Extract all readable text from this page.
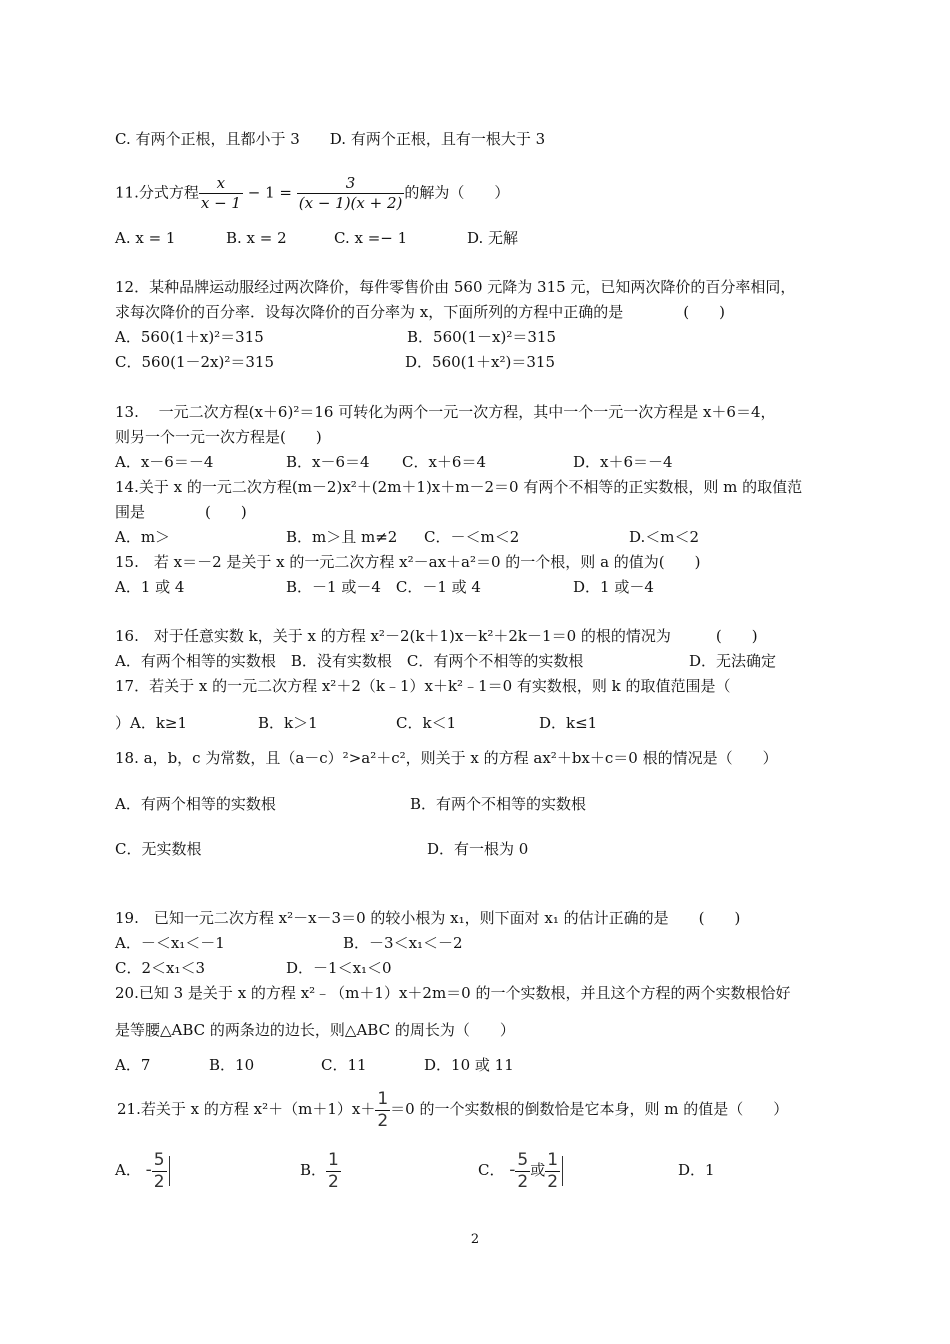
C. 有两个正根，且都小于 3　　D. 有两个正根，且有一根大于 3
11.分式方程 $\frac{x}{x - 1} - 1 = \frac{3}{(x - 1)(x + 2)}$ 的解为（　　）
A. x = 1	B. x = 2	C. x =− 1	D. 无解
12．某种品牌运动服经过两次降价，每件零售价由 560 元降为 315 元，已知两次降价的百分率相同，
求每次降价的百分率．设每次降价的百分率为 x，下面所列的方程中正确的是　　　　(　　)
A．560(1＋x)²＝315	B．560(1－x)²＝315
C．560(1－2x)²＝315	D．560(1＋x²)＝315
13.　 一元二次方程(x＋6)²＝16 可转化为两个一元一次方程，其中一个一元一次方程是 x＋6＝4，
则另一个一元一次方程是(　　)
A．x－6＝－4	B．x－6＝4 C．x＋6＝4	D．x＋6＝－4
14.关于 x 的一元二次方程(m－2)x²＋(2m＋1)x＋m－2＝0 有两个不相等的正实数根，则 m 的取值范
围是　　　　(　　)
A．m＞	B．m＞且 m≠2 C．－＜m＜2	D.＜m＜2
15.　若 x＝－2 是关于 x 的一元二次方程 x²－ax＋a²＝0 的一个根，则 a 的值为(　　)
A．1 或 4	B．－1 或－4　C．－1 或 4	D．1 或－4
16.　对于任意实数 k，关于 x 的方程 x²－2(k＋1)x－k²＋2k－1＝0 的根的情况为　　　(　　)
A．有两个相等的实数根　B．没有实数根　C．有两个不相等的实数根	D．无法确定
17．若关于 x 的一元二次方程 x²＋2（k﹣1）x＋k²﹣1＝0 有实数根，则 k 的取值范围是（
）A．k≥1	B．k＞1	C．k＜1	D．k≤1
18. a，b，c 为常数，且（a－c）²>a²＋c²，则关于 x 的方程 ax²＋bx＋c＝0 根的情况是（　　）
A．有两个相等的实数根	B．有两个不相等的实数根
C．无实数根	D．有一根为 0
19.　已知一元二次方程 x²－x－3＝0 的较小根为 x₁，则下面对 x₁ 的估计正确的是　　(　　)
A．－＜x₁＜－1	B．－3＜x₁＜－2
C．2＜x₁＜3	D．－1＜x₁＜0
20.已知 3 是关于 x 的方程 x²﹣（m＋1）x＋2m＝0 的一个实数根，并且这个方程的两个实数根恰好
是等腰△ABC 的两条边的边长，则△ABC 的周长为（　　）
A．7	B．10	C．11	D．10 或 11
21.若关于 x 的方程 $x^2+(m+1)x+ \frac{1}{2} =0$ 的一个实数根的倒数恰是它本身，则 m 的值是（　　）
A． - $\frac{5}{2}$	B． $\frac{1}{2}$	C． - $\frac{5}{2}$ 或 $\frac{1}{2}$	D．1
2
